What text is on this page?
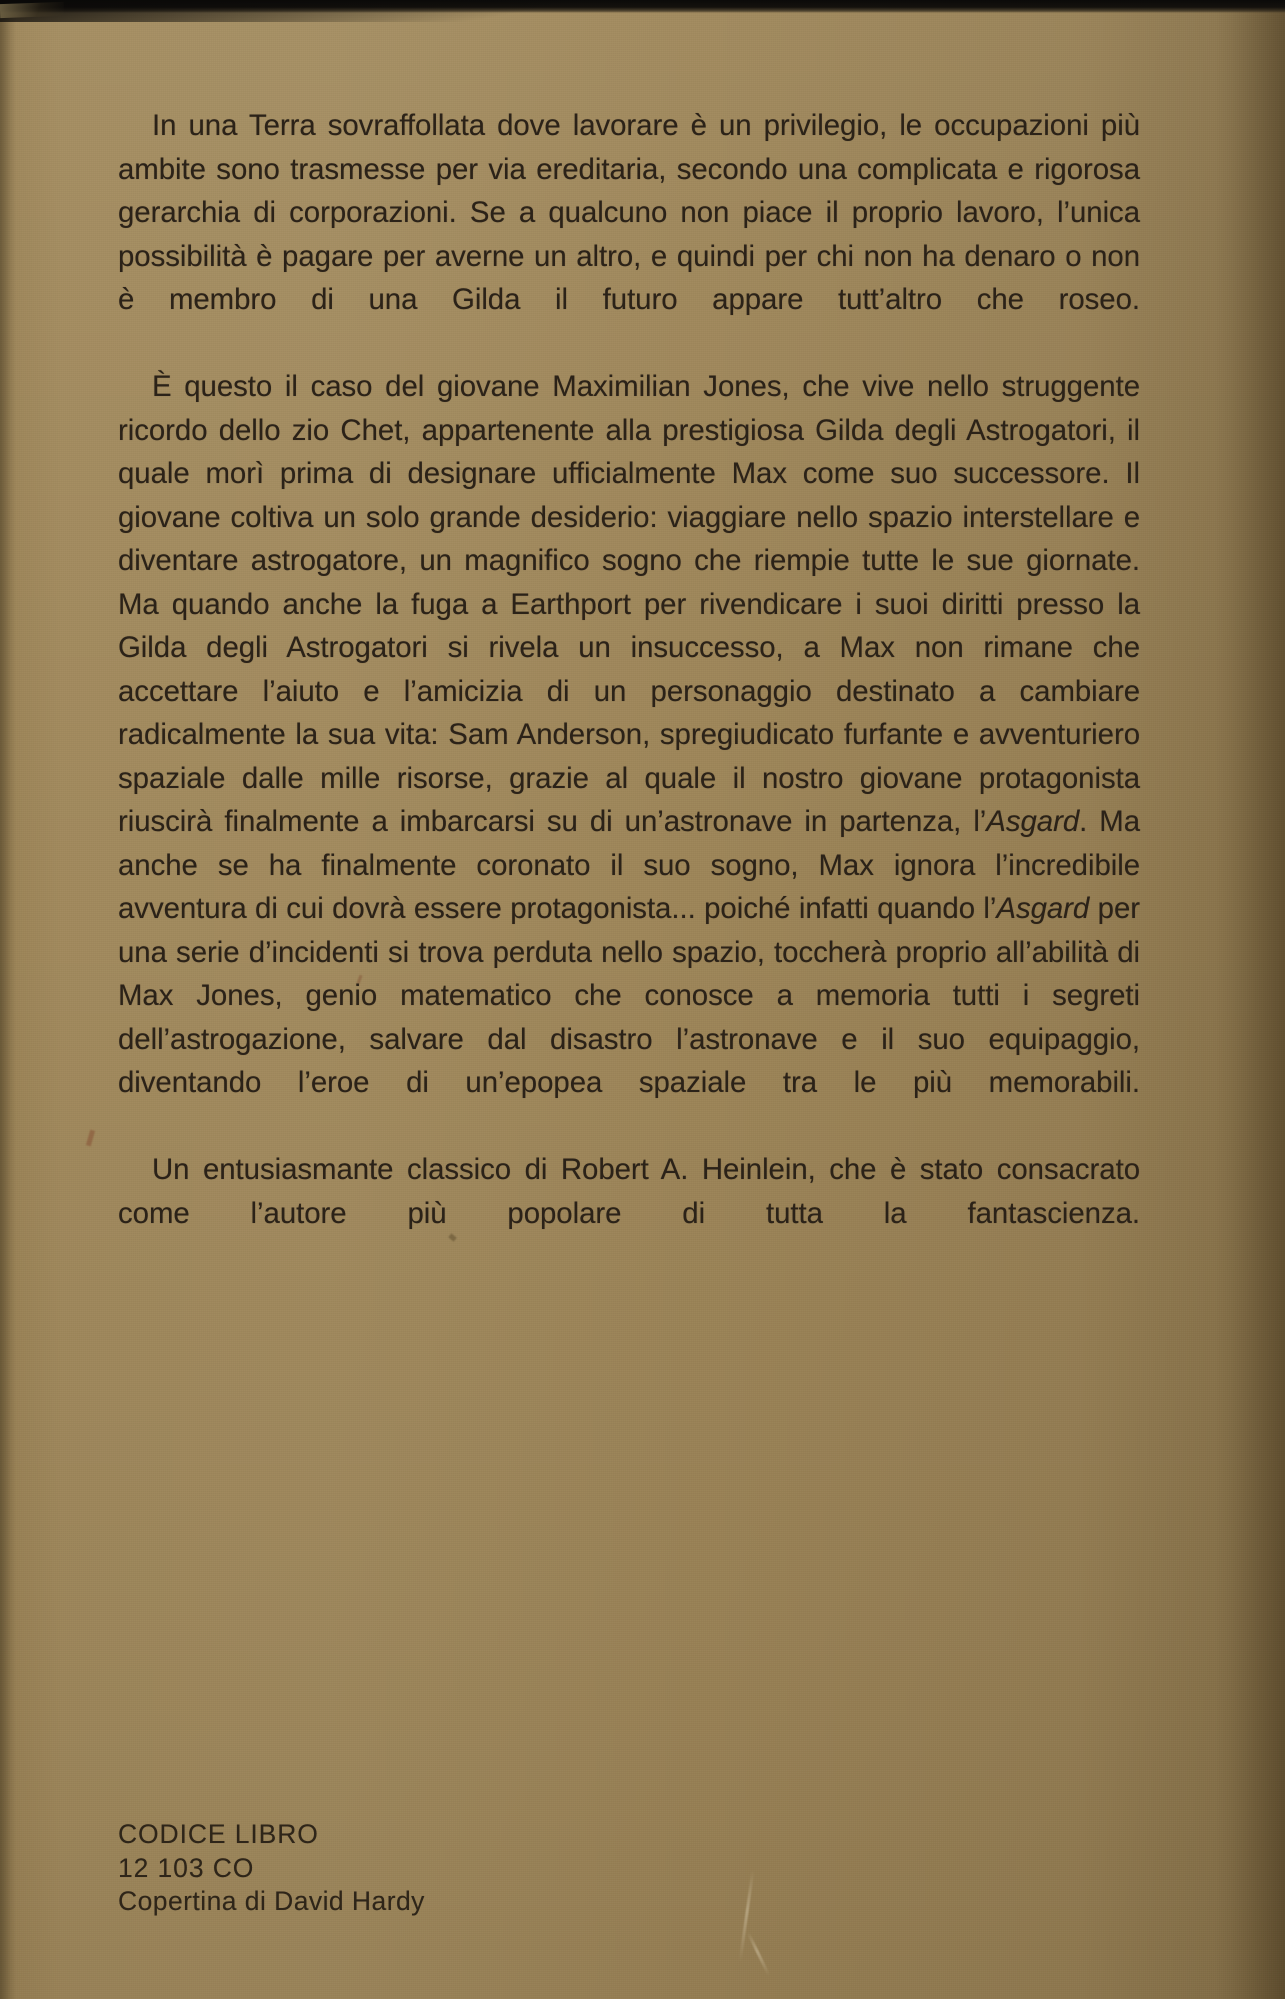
In una Terra sovraffollata dove lavorare è un privilegio, le occupazioni più ambite sono trasmesse per via ereditaria, secondo una complicata e rigorosa gerarchia di corporazioni. Se a qualcuno non piace il proprio lavoro, l’unica possibilità è pagare per averne un altro, e quindi per chi non ha denaro o non è membro di una Gilda il futuro appare tutt’altro che roseo.

È questo il caso del giovane Maximilian Jones, che vive nello struggente ricordo dello zio Chet, appartenente alla prestigiosa Gilda degli Astrogatori, il quale morì prima di designare ufficialmente Max come suo successore. Il giovane coltiva un solo grande desiderio: viaggiare nello spazio interstellare e diventare astrogatore, un magnifico sogno che riempie tutte le sue giornate. Ma quando anche la fuga a Earthport per rivendicare i suoi diritti presso la Gilda degli Astrogatori si rivela un insuccesso, a Max non rimane che accettare l’aiuto e l’amicizia di un personaggio destinato a cambiare radicalmente la sua vita: Sam Anderson, spregiudicato furfante e avventuriero spaziale dalle mille risorse, grazie al quale il nostro giovane protagonista riuscirà finalmente a imbarcarsi su di un’astronave in partenza, l’Asgard. Ma anche se ha finalmente coronato il suo sogno, Max ignora l’incredibile avventura di cui dovrà essere protagonista... poiché infatti quando l’Asgard per una serie d’incidenti si trova perduta nello spazio, toccherà proprio all’abilità di Max Jones, genio matematico che conosce a memoria tutti i segreti dell’astrogazione, salvare dal disastro l’astronave e il suo equipaggio, diventando l’eroe di un’epopea spaziale tra le più memorabili.

Un entusiasmante classico di Robert A. Heinlein, che è stato consacrato come l’autore più popolare di tutta la fantascienza.

CODICE LIBRO
12 103 CO
Copertina di David Hardy
